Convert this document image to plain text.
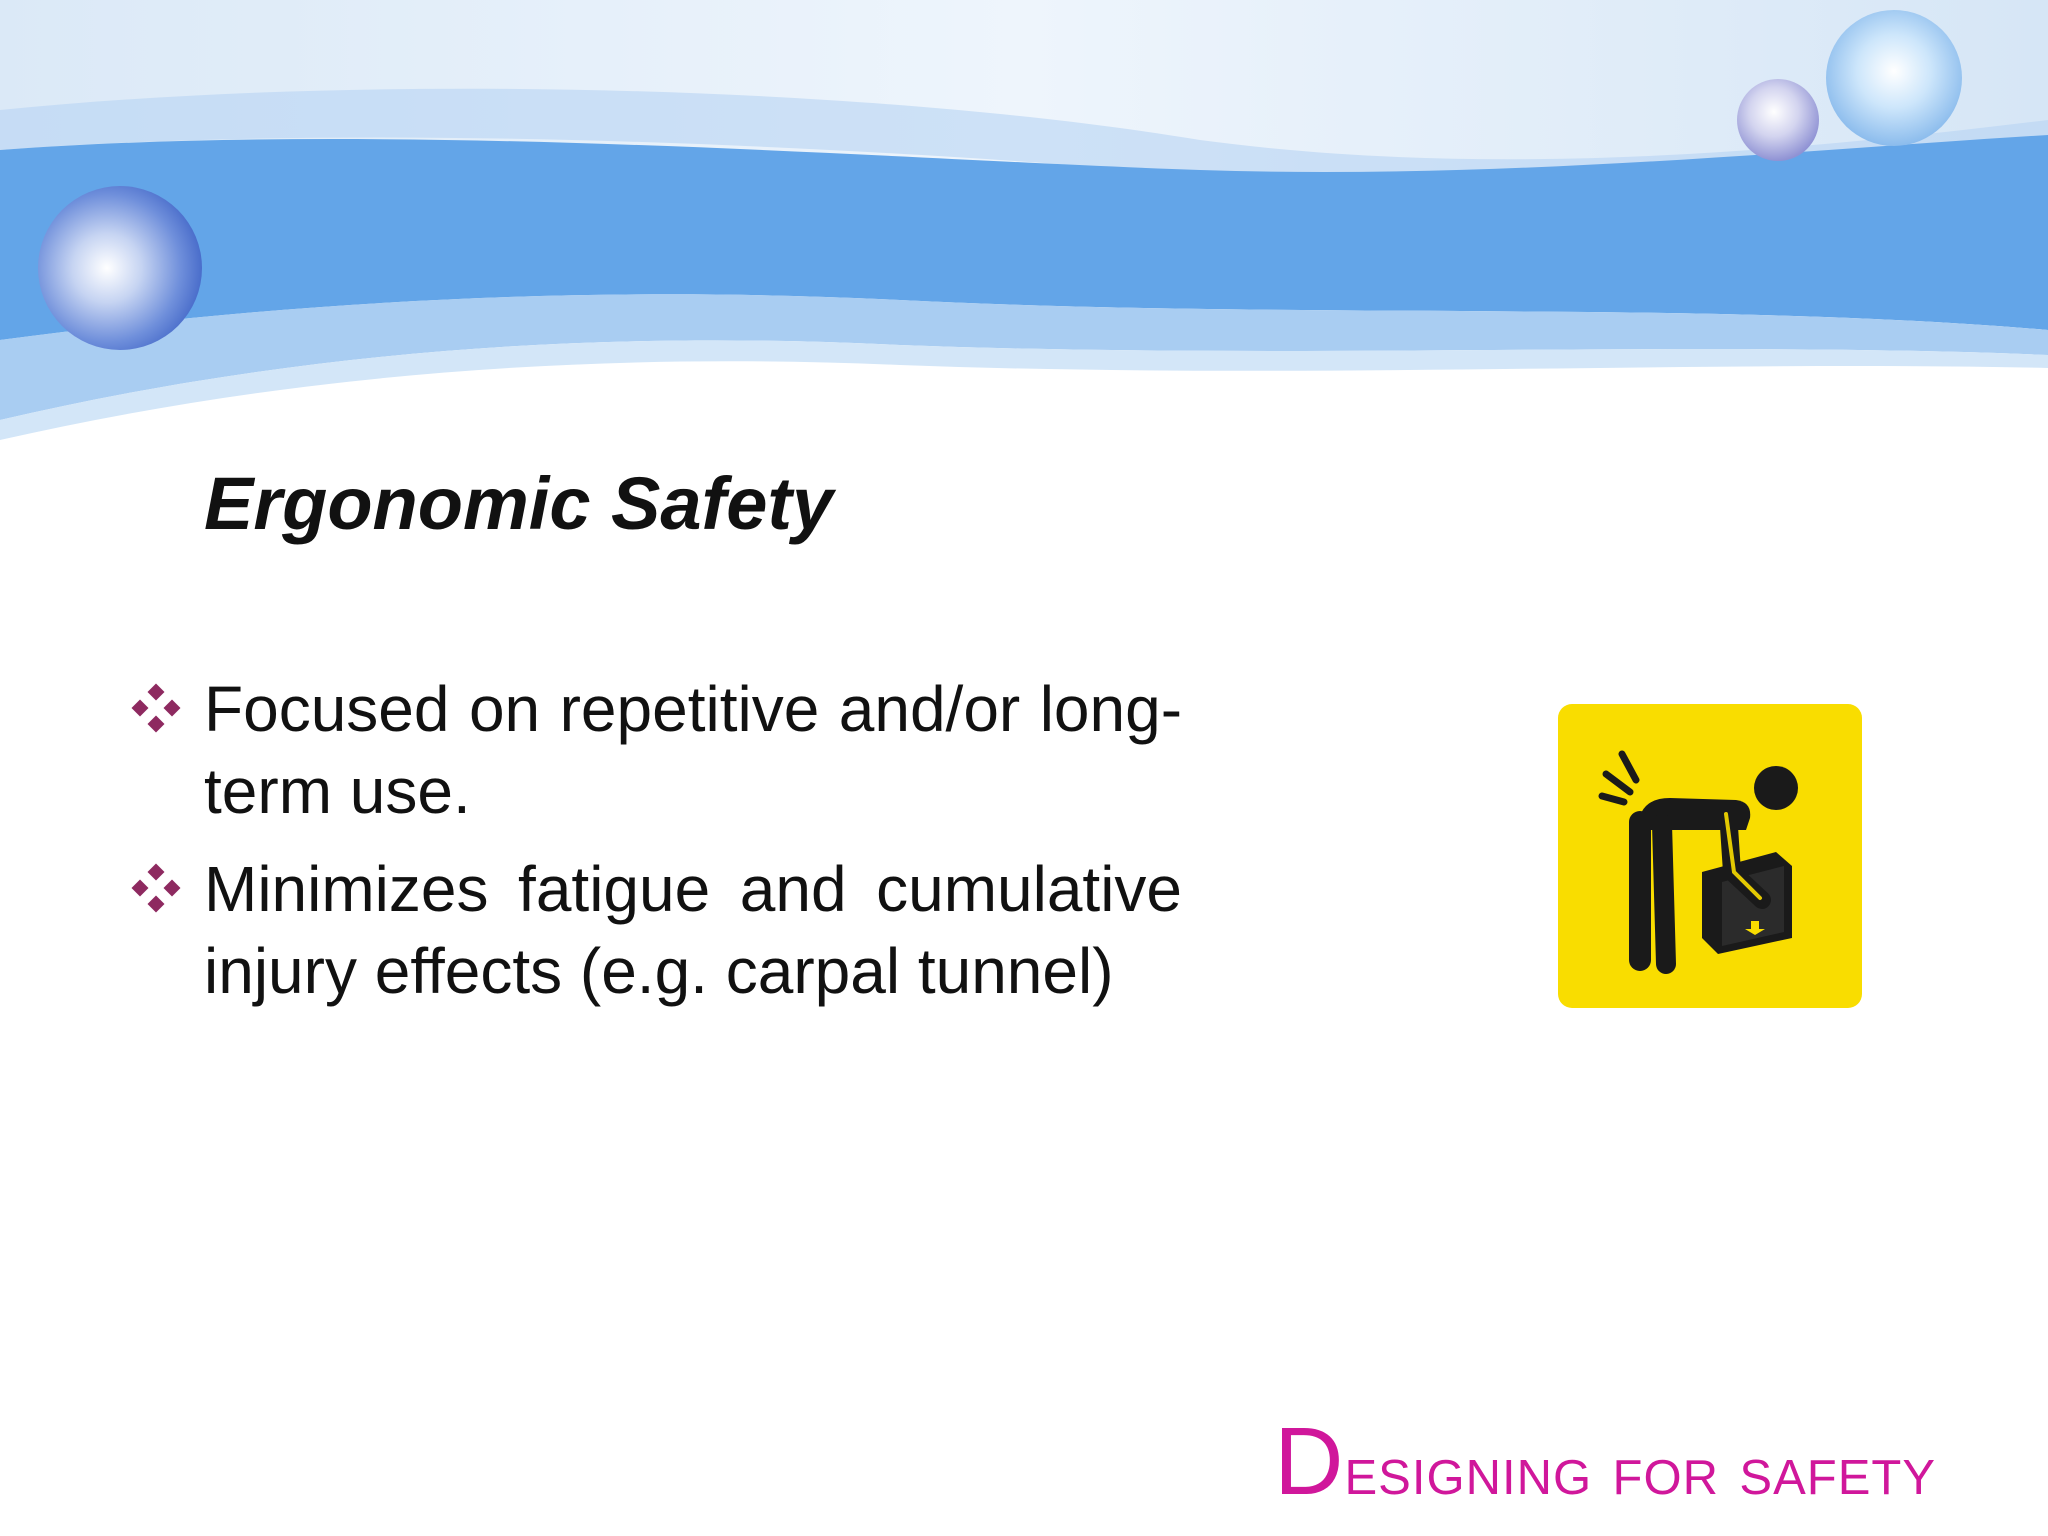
Ergonomic Safety
Focused on repetitive and/or long-term use.
Minimizes fatigue and cumulative injury effects (e.g. carpal tunnel)
Designing for safety
